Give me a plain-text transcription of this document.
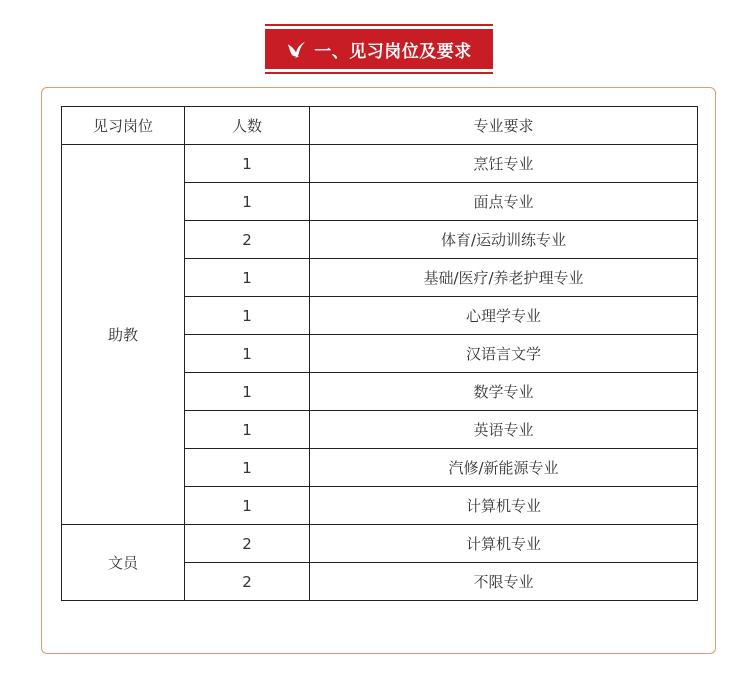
一、见习岗位及要求
见习岗位	人数	专业要求
助教	1	烹饪专业
	1	面点专业
	2	体育/运动训练专业
	1	基础/医疗/养老护理专业
	1	心理学专业
	1	汉语言文学
	1	数学专业
	1	英语专业
	1	汽修/新能源专业
	1	计算机专业
文员	2	计算机专业
	2	不限专业
